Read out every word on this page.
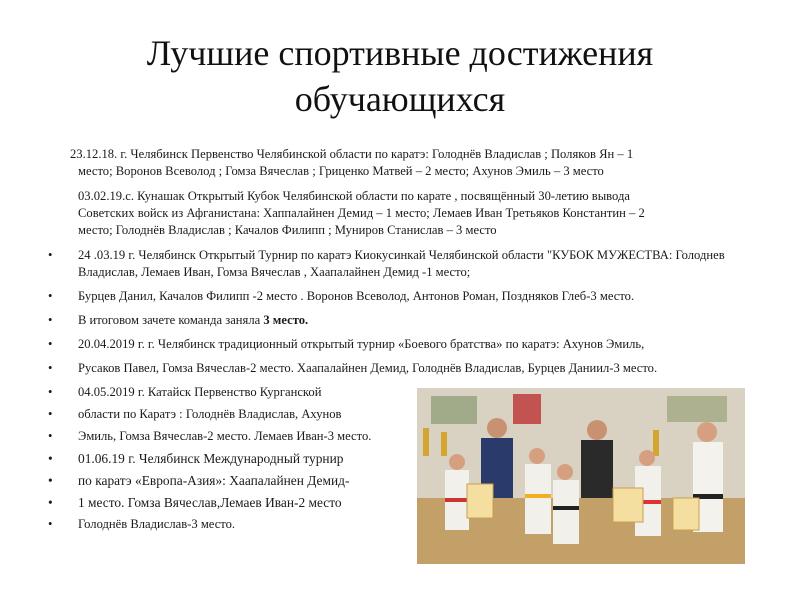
Лучшие спортивные достижения обучающихся
23.12.18. г. Челябинск Первенство Челябинской области по каратэ: Голоднёв Владислав ; Поляков Ян – 1
место; Воронов Всеволод ; Гомза Вячеслав ; Гриценко Матвей – 2 место; Ахунов Эмиль – 3 место
03.02.19.с. Кунашак Открытый Кубок Челябинской области по карате , посвящённый 30-летию вывода
Советских войск из Афганистана: Хаппалайнен Демид – 1 место; Лемаев Иван Третьяков Константин – 2
место; Голоднёв Владислав ; Качалов Филипп ; Муниров Станислав – 3 место
• 24 .03.19 г. Челябинск Открытый Турнир по каратэ Киокусинкай Челябинской области "КУБОК МУЖЕСТВА: Голоднев Владислав, Лемаев Иван, Гомза Вячеслав , Хаапалайнен Демид -1 место;
• Бурцев Данил, Качалов Филипп -2 место . Воронов Всеволод, Антонов Роман, Поздняков Глеб-3 место.
• В итоговом зачете команда заняла 3 место.
• 20.04.2019 г. г. Челябинск традиционный открытый турнир «Боевого братства» по каратэ: Ахунов Эмиль,
• Русаков Павел, Гомза Вячеслав-2 место. Хаапалайнен Демид, Голоднёв Владислав, Бурцев Даниил-3 место.
• 04.05.2019 г. Катайск Первенство Курганской
• области по Каратэ : Голоднёв Владислав, Ахунов
• Эмиль, Гомза Вячеслав-2 место. Лемаев Иван-3 место.
• 01.06.19 г. Челябинск Международный турнир
• по каратэ «Европа-Азия»: Хаапалайнен Демид-
• 1 место. Гомза Вячеслав,Лемаев Иван-2 место
• Голоднёв Владислав-3 место.
